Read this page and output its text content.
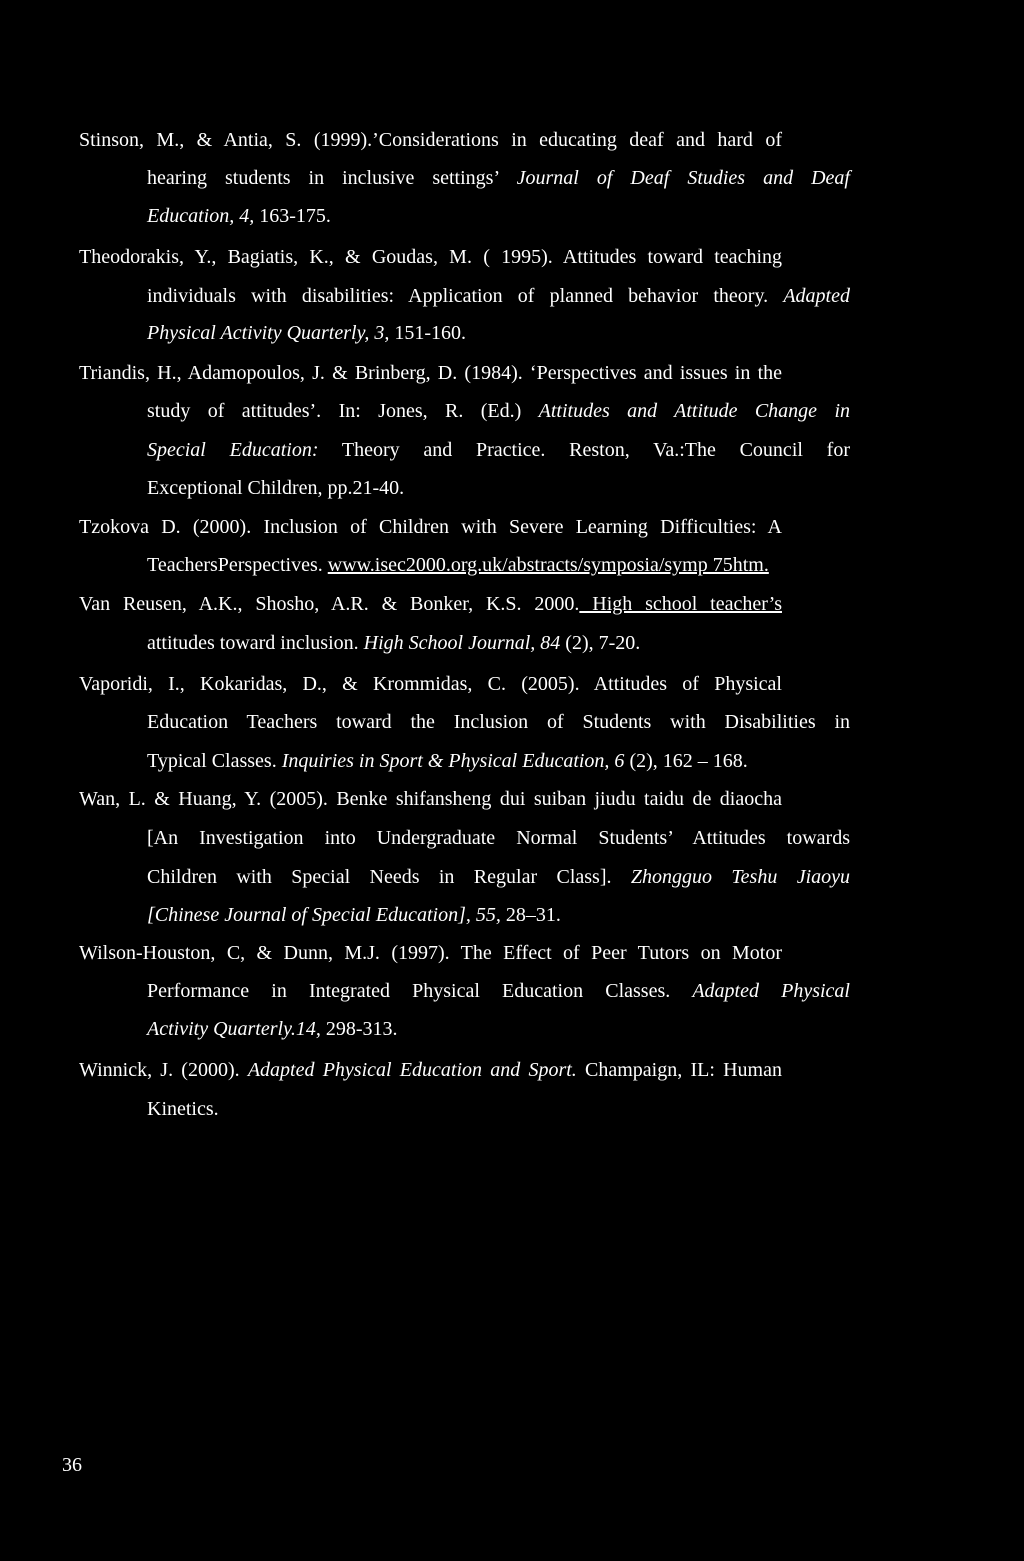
Stinson, M., & Antia, S. (1999).’Considerations in educating deaf and hard of
hearing students in inclusive settings’ Journal of Deaf Studies and Deaf
Education, 4, 163-175.
Theodorakis, Y., Bagiatis, K., & Goudas, M. ( 1995). Attitudes toward teaching
individuals with disabilities: Application of planned behavior theory. Adapted
Physical Activity Quarterly, 3, 151-160.
Triandis, H., Adamopoulos, J. & Brinberg, D. (1984). ‘Perspectives and issues in the
study of attitudes’. In: Jones, R. (Ed.) Attitudes and Attitude Change in
Special Education: Theory and Practice. Reston, Va.:The Council for
Exceptional Children, pp.21-40.
Tzokova D. (2000). Inclusion of Children with Severe Learning Difficulties: A
TeachersPerspectives. www.isec2000.org.uk/abstracts/symposia/symp 75htm.
Van Reusen, A.K., Shosho, A.R. & Bonker, K.S. 2000. High school teacher’s
attitudes toward inclusion. High School Journal, 84 (2), 7-20.
Vaporidi, I., Kokaridas, D., & Krommidas, C. (2005). Attitudes of Physical
Education Teachers toward the Inclusion of Students with Disabilities in
Typical Classes. Inquiries in Sport & Physical Education, 6 (2), 162 – 168.
Wan, L. & Huang, Y. (2005). Benke shifansheng dui suiban jiudu taidu de diaocha
[An Investigation into Undergraduate Normal Students’ Attitudes towards
Children with Special Needs in Regular Class]. Zhongguo Teshu Jiaoyu
[Chinese Journal of Special Education], 55, 28–31.
Wilson-Houston, C, & Dunn, M.J. (1997). The Effect of Peer Tutors on Motor
Performance in Integrated Physical Education Classes. Adapted Physical
Activity Quarterly.14, 298-313.
Winnick, J. (2000). Adapted Physical Education and Sport. Champaign, IL: Human
Kinetics.
36
